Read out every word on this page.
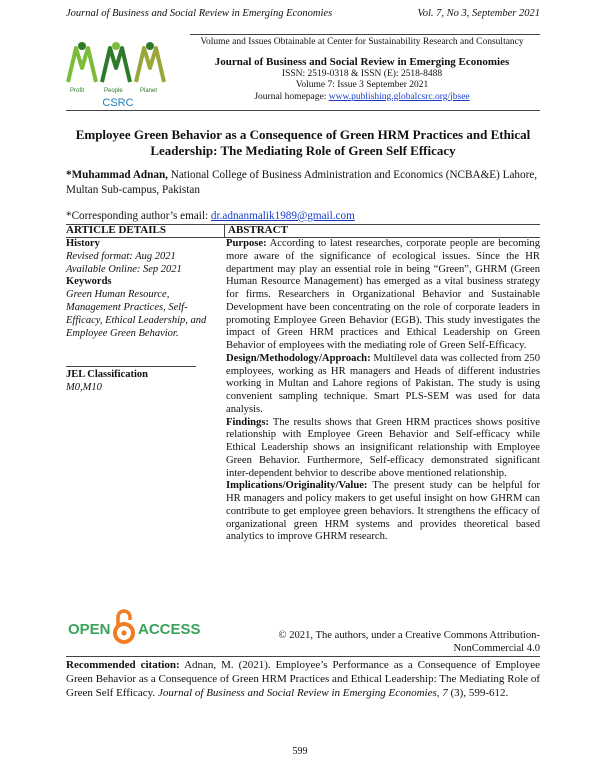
Journal of Business and Social Review in Emerging Economies	Vol. 7, No 3, September 2021
Profit	People	Planet
CSRC
Volume and Issues Obtainable at Center for Sustainability Research and Consultancy
Journal of Business and Social Review in Emerging Economies
ISSN: 2519-0318 & ISSN (E): 2518-8488
Volume 7: Issue 3 September 2021
Journal homepage: www.publishing.globalcsrc.org/jbsee
Employee Green Behavior as a Consequence of Green HRM Practices and Ethical Leadership: The Mediating Role of Green Self Efficacy
*Muhammad Adnan, National College of Business Administration and Economics (NCBA&E) Lahore, Multan Sub-campus, Pakistan
*Corresponding author’s email: dr.adnanmalik1989@gmail.com
ARTICLE DETAILS	ABSTRACT
History
Revised format: Aug 2021
Available Online: Sep 2021
Keywords
Green Human Resource, Management Practices, Self-Efficacy, Ethical Leadership, and Employee Green Behavior.
JEL Classification
M0,M10

Purpose: According to latest researches, corporate people are becoming more aware of the significance of ecological issues. Since the HR department may play an essential role in being “Green”, GHRM (Green Human Resource Management) has emerged as a vital business strategy for firms. Researchers in Organizational Behavior and Sustainable Development have been concentrating on the role of corporate leaders in promoting Employee Green Behavior (EGB). This study investigates the impact of Green HRM practices and Ethical Leadership on Green Behavior of employees with the mediating role of Green Self-Efficacy.

Design/Methodology/Approach: Multilevel data was collected from 250 employees, working as HR managers and Heads of different industries working in Multan and Lahore regions of Pakistan. The study is using convenient sampling technique. Smart PLS-SEM was used for data analysis.

Findings: The results shows that Green HRM practices shows positive relationship with Employee Green Behavior and Self-efficacy while Ethical Leadership shows an insignificant relationship with Employee Green Behavior. Furthermore, Self-efficacy demonstrated significant inter-dependent behvior to describe above mentioned relationship.

Implications/Originality/Value: The present study can be helpful for HR managers and policy makers to get useful insight on how GHRM can contribute to get employee green behaviors. It strengthens the efficacy of organizational green HRM systems and provides theoretical based analytics to improve GHRM research.

OPEN ACCESS	© 2021, The authors, under a Creative Commons Attribution-NonCommercial 4.0
Recommended citation: Adnan, M. (2021). Employee’s Performance as a Consequence of Employee Green Behavior as a Consequence of Green HRM Practices and Ethical Leadership: The Mediating Role of Green Self Efficacy. Journal of Business and Social Review in Emerging Economies, 7 (3), 599-612.
599
